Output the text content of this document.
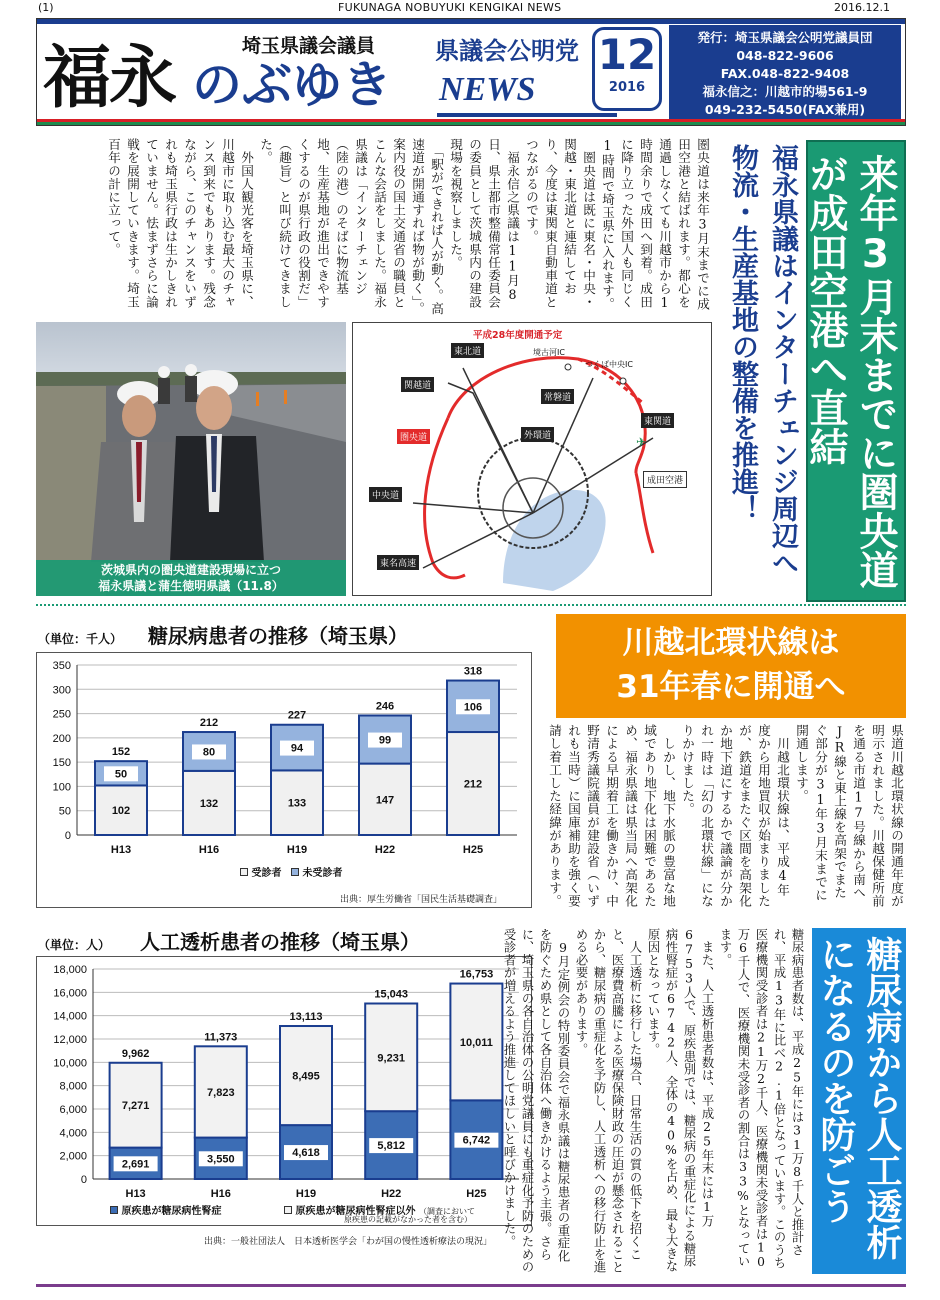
(1)	FUKUNAGA NOBUYUKI KENGIKAI NEWS	2016.12.1
埼玉県議会議員
福永 のぶゆき
県議会公明党
NEWS
12
2016
発行：埼玉県議会公明党議員団
048-822-9606
FAX.048-822-9408
福永信之：川越市的場561-9
049-232-5450(FAX兼用)
来年3月末までに圏央道が成田空港へ直結
福永県議はインターチェンジ周辺へ物流・生産基地の整備を推進！
圏央道は来年3月末までに成田空港と結ばれます。都心を通過しなくても川越市から1時間余りで成田へ到着。成田に降り立った外国人も同じく1時間で埼玉県に入れます。
　圏央道は既に東名・中央・関越・東北道と連結しており、今度は東関東自動車道とつながるのです。
　福永信之県議は11月8日、県土都市整備常任委員会の委員として茨城県内の建設現場を視察しました。
　「駅ができれば人が動く。高速道が開通すれば物が動く」。案内役の国土交通省の職員とこんな会話をしました。福永県議は「インターチェンジ（陸の港）のそばに物流基地、生産基地が進出できやすくするのが県行政の役割だ」（趣旨）と叫び続けてきました。
　外国人観光客を埼玉県に、川越市に取り込む最大のチャンス到来でもあります。残念ながら、このチャンスをいずれも埼玉県行政は生かしきれていません。怯まずさらに論戦を展開していきます。埼玉百年の計に立って。
茨城県内の圏央道建設現場に立つ
福永県議と蒲生徳明県議（11.8）
平成28年度開通予定
境古河IC
つくば中央IC
東北道
関越道
常磐道
外環道
東関道
圏央道
成田空港
中央道
東名高速
✈
（単位：千人） 糖尿病患者の推移（埼玉県）
0
50
100
150
200
250
300
350
102
50
152
H13
132
80
212
H16
133
94
227
H19
147
99
246
H22
212
106
318
H25
受診者 未受診者
出典：厚生労働省「国民生活基礎調査」
（単位：人） 人工透析患者の推移（埼玉県）
0
2,000
4,000
6,000
8,000
10,000
12,000
14,000
16,000
18,000
2,691
7,271
9,962
H13
3,550
7,823
11,373
H16
4,618
8,495
13,113
H19
5,812
9,231
15,043
H22
6,742
10,011
16,753
H25
原疾患が糖尿病性腎症	原疾患が糖尿病性腎症以外 （調査において
原疾患の記載がなかった者を含む）
出典：一般社団法人　日本透析医学会「わが国の慢性透析療法の現況」
川越北環状線は
31年春に開通へ
県道川越北環状線の開通年度が明示されました。川越保健所前を通る市道17号線から南へJR線と東上線を高架でまたぐ部分が31年3月末までに開通します。
　川越北環状線は、平成4年度から用地買収が始まりましたが、鉄道をまたぐ区間を高架化か地下道にするかで議論が分かれ一時は「幻の北環状線」になりかけました。
　しかし、地下水脈の豊富な地域であり地下化は困難であるため、福永県議は県当局へ高架化による早期着工を働きかけ、中野清秀議院議員が建設省（いずれも当時）に国庫補助を強く要請し着工した経緯があります。
糖尿病から人工透析になるのを防ごう
糖尿病患者数は、平成25年には31万8千人と推計され、平成13年に比べ2.1倍となっています。このうち医療機関受診者は21万2千人、医療機関未受診者は10万6千人で、医療機関未受診者の割合は33%となっています。
　また、人工透析患者数は、平成25年末には1万6753人で、原疾患別では、糖尿病の重症化による糖尿病性腎症が6742人、全体の40%を占め、最も大きな原因となっています。
　人工透析に移行した場合、日常生活の質の低下を招くこと、医療費高騰による医療保険財政の圧迫が懸念されることから、糖尿病の重症化を予防し、人工透析への移行防止を進める必要があります。
　9月定例会の特別委員会で福永県議は糖尿患者の重症化を防ぐため県として各自治体へ働きかけるよう主張。さらに、埼玉県の各自治体の公明党議員にも重症化予防のための受診者が増えるよう推進してほしいと呼びかけました。
